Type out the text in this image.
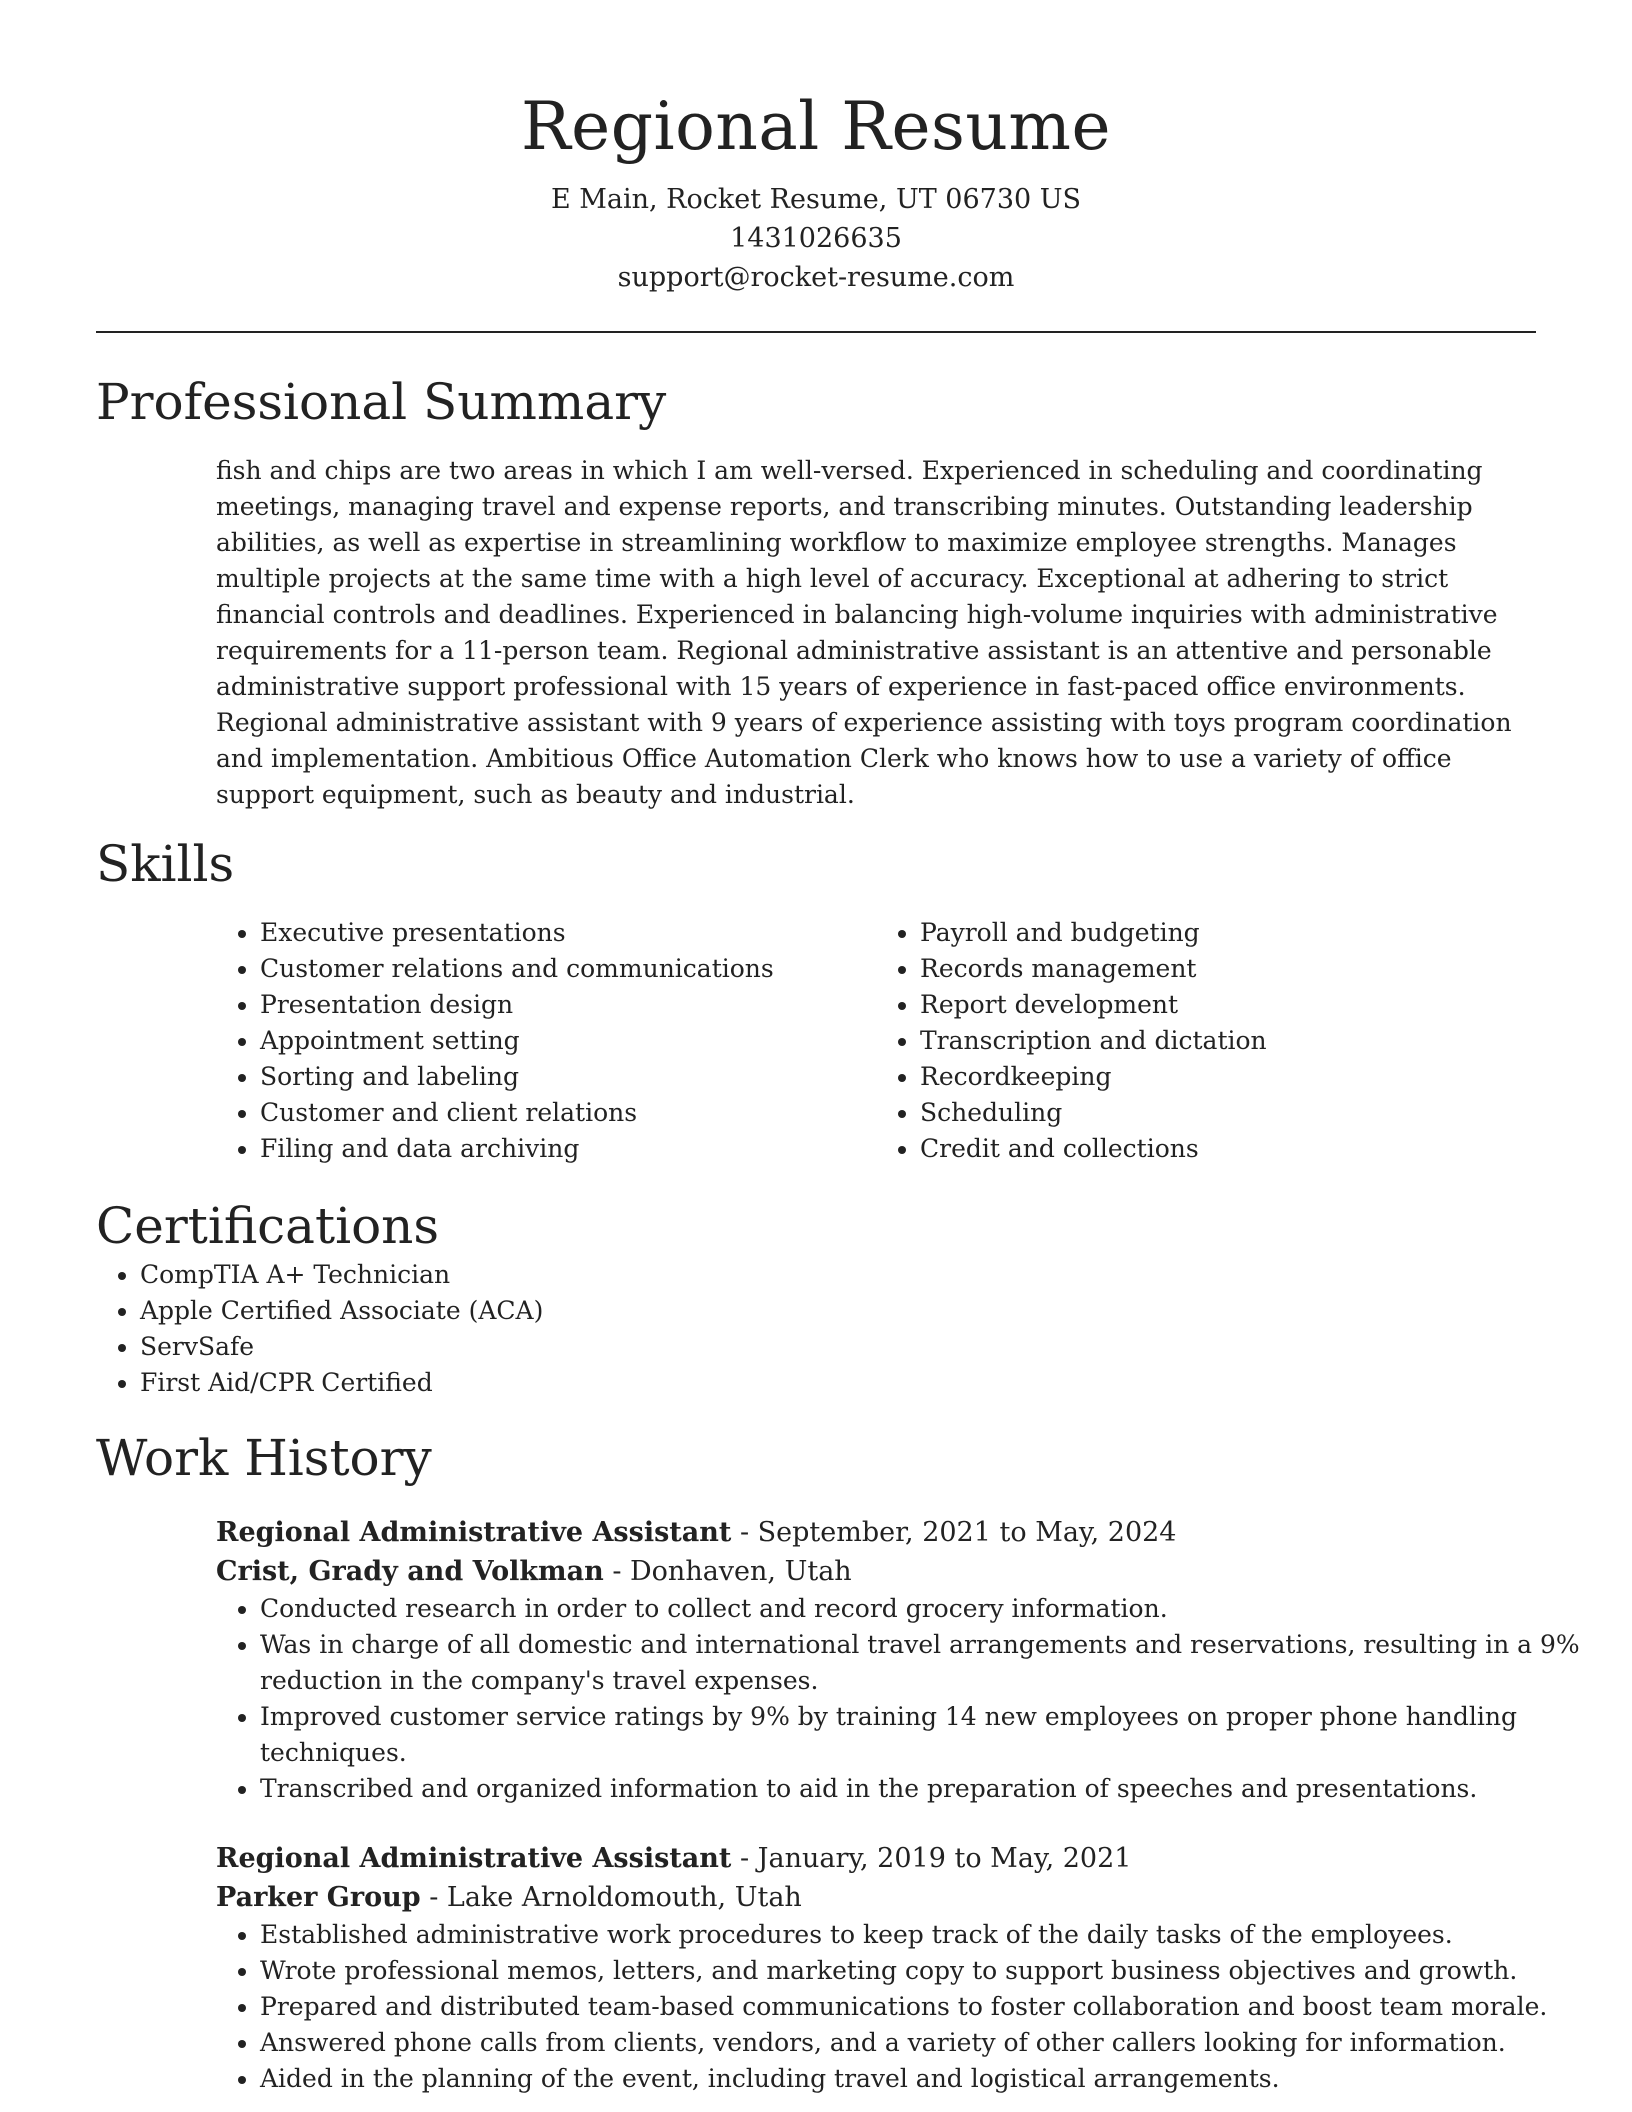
Regional Resume
E Main, Rocket Resume, UT 06730 US
1431026635
support@rocket-resume.com
Professional Summary
fish and chips are two areas in which I am well-versed. Experienced in scheduling and coordinating meetings, managing travel and expense reports, and transcribing minutes. Outstanding leadership abilities, as well as expertise in streamlining workflow to maximize employee strengths. Manages multiple projects at the same time with a high level of accuracy. Exceptional at adhering to strict financial controls and deadlines. Experienced in balancing high-volume inquiries with administrative requirements for a 11-person team. Regional administrative assistant is an attentive and personable administrative support professional with 15 years of experience in fast-paced office environments. Regional administrative assistant with 9 years of experience assisting with toys program coordination and implementation. Ambitious Office Automation Clerk who knows how to use a variety of office support equipment, such as beauty and industrial.
Skills
• Executive presentations
• Customer relations and communications
• Presentation design
• Appointment setting
• Sorting and labeling
• Customer and client relations
• Filing and data archiving
• Payroll and budgeting
• Records management
• Report development
• Transcription and dictation
• Recordkeeping
• Scheduling
• Credit and collections
Certifications
• CompTIA A+ Technician
• Apple Certified Associate (ACA)
• ServSafe
• First Aid/CPR Certified
Work History
Regional Administrative Assistant - September, 2021 to May, 2024
Crist, Grady and Volkman - Donhaven, Utah
• Conducted research in order to collect and record grocery information.
• Was in charge of all domestic and international travel arrangements and reservations, resulting in a 9% reduction in the company's travel expenses.
• Improved customer service ratings by 9% by training 14 new employees on proper phone handling techniques.
• Transcribed and organized information to aid in the preparation of speeches and presentations.
Regional Administrative Assistant - January, 2019 to May, 2021
Parker Group - Lake Arnoldomouth, Utah
• Established administrative work procedures to keep track of the daily tasks of the employees.
• Wrote professional memos, letters, and marketing copy to support business objectives and growth.
• Prepared and distributed team-based communications to foster collaboration and boost team morale.
• Answered phone calls from clients, vendors, and a variety of other callers looking for information.
• Aided in the planning of the event, including travel and logistical arrangements.
